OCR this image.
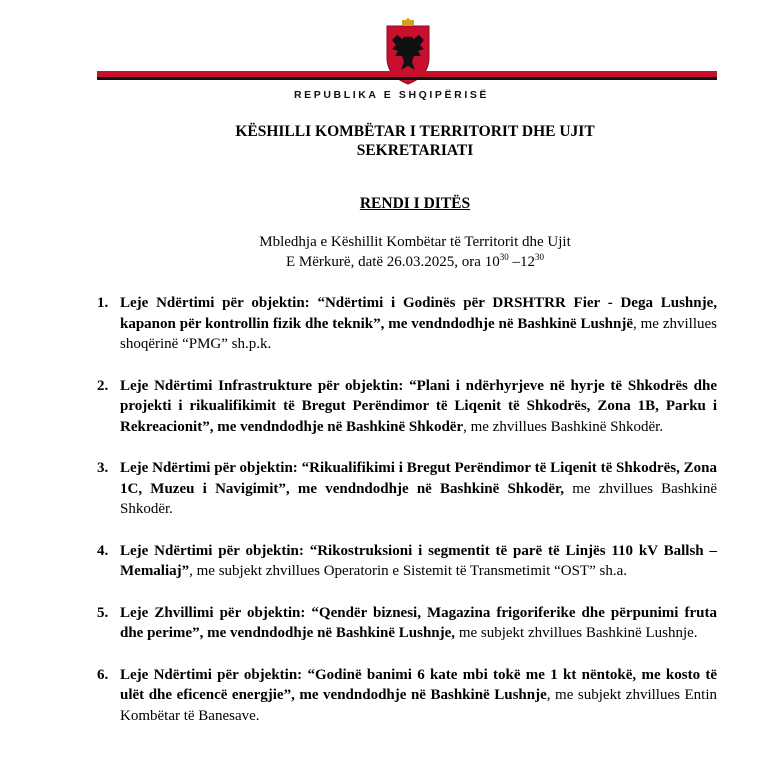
REPUBLIKA E SHQIPËRISË
KËSHILLI KOMBËTAR I TERRITORIT DHE UJIT
SEKRETARIATI
RENDI I DITËS
Mbledhja e Këshillit Kombëtar të Territorit dhe Ujit
E Mërkurë, datë 26.03.2025, ora $10^{30}$ $-12^{30}$
1. Leje Ndërtimi për objektin: “Ndërtimi i Godinës për DRSHTRR Fier - Dega Lushnje, kapanon për kontrollin fizik dhe teknik”, me vendndodhje në Bashkinë Lushnjë, me zhvillues shoqërinë “PMG” sh.p.k.
2. Leje Ndërtimi Infrastrukture për objektin: “Plani i ndërhyrjeve në hyrje të Shkodrës dhe projekti i rikualifikimit të Bregut Perëndimor të Liqenit të Shkodrës, Zona 1B, Parku i Rekreacionit”, me vendndodhje në Bashkinë Shkodër, me zhvillues Bashkinë Shkodër.
3. Leje Ndërtimi për objektin: “Rikualifikimi i Bregut Perëndimor të Liqenit të Shkodrës, Zona 1C, Muzeu i Navigimit”, me vendndodhje në Bashkinë Shkodër, me zhvillues Bashkinë Shkodër.
4. Leje Ndërtimi për objektin: “Rikostruksioni i segmentit të parë të Linjës 110 kV Ballsh – Memaliaj”, me subjekt zhvillues Operatorin e Sistemit të Transmetimit “OST” sh.a.
5. Leje Zhvillimi për objektin: “Qendër biznesi, Magazina frigoriferike dhe përpunimi fruta dhe perime”, me vendndodhje në Bashkinë Lushnje, me subjekt zhvillues Bashkinë Lushnje.
6. Leje Ndërtimi për objektin: “Godinë banimi 6 kate mbi tokë me 1 kt nëntokë, me kosto të ulët dhe eficencë energjie”, me vendndodhje në Bashkinë Lushnje, me subjekt zhvillues Entin Kombëtar të Banesave.
